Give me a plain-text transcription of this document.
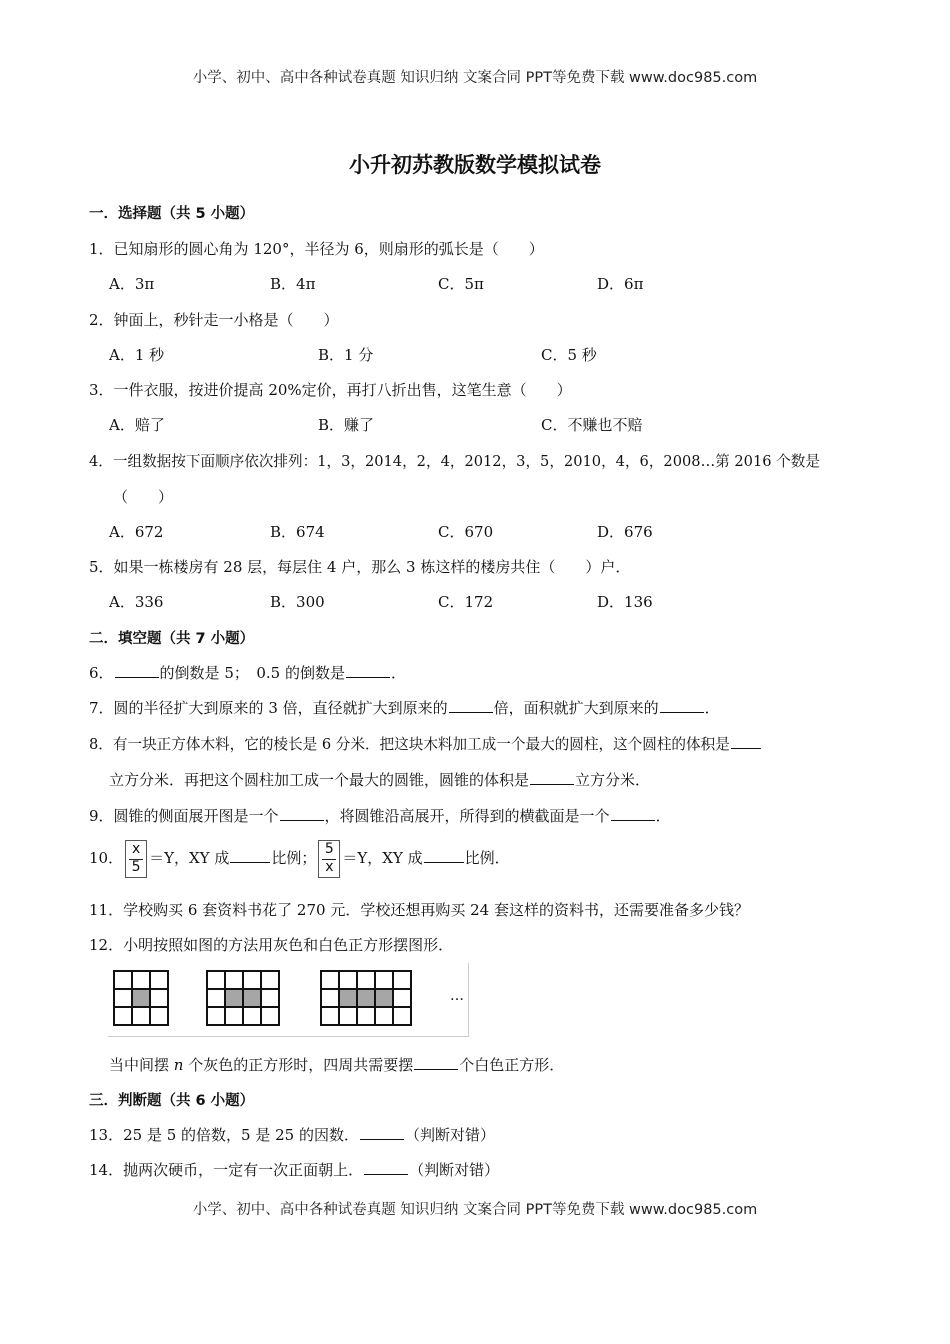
小学、初中、高中各种试卷真题 知识归纳 文案合同 PPT等免费下载 www.doc985.com
小升初苏教版数学模拟试卷
一．选择题（共 5 小题）
1．已知扇形的圆心角为 120°，半径为 6，则扇形的弧长是（　　）
A．3π	B．4π	C．5π	D．6π
2．钟面上，秒针走一小格是（　　）
A．1 秒	B．1 分	C．5 秒
3．一件衣服，按进价提高 20%定价，再打八折出售，这笔生意（　　）
A．赔了	B．赚了	C．不赚也不赔
4．一组数据按下面顺序依次排列：1，3，2014，2，4，2012，3，5，2010，4，6，2008…第 2016 个数是
（　　）
A．672	B．674	C．670	D．676
5．如果一栋楼房有 28 层，每层住 4 户，那么 3 栋这样的楼房共住（　　）户．
A．336	B．300	C．172	D．136
二．填空题（共 7 小题）
6．	的倒数是 5；　0.5 的倒数是	．
7．圆的半径扩大到原来的 3 倍，直径就扩大到原来的	倍，面积就扩大到原来的	．
8．有一块正方体木料，它的棱长是 6 分米．把这块木料加工成一个最大的圆柱，这个圆柱的体积是
立方分米．再把这个圆柱加工成一个最大的圆锥，圆锥的体积是	立方分米．
9．圆锥的侧面展开图是一个	，将圆锥沿高展开，所得到的横截面是一个	．
10． $\frac{x}{5} =Y$，XY 成	比例； $\frac{5}{x} =Y$，XY 成	比例．
11．学校购买 6 套资料书花了 270 元．学校还想再购买 24 套这样的资料书，还需要准备多少钱？
12．小明按照如图的方法用灰色和白色正方形摆图形．
…
当中间摆 n 个灰色的正方形时，四周共需要摆	个白色正方形．
三．判断题（共 6 小题）
13．25 是 5 的倍数，5 是 25 的因数．	（判断对错）
14．抛两次硬币，一定有一次正面朝上．	（判断对错）
小学、初中、高中各种试卷真题 知识归纳 文案合同 PPT等免费下载 www.doc985.com
